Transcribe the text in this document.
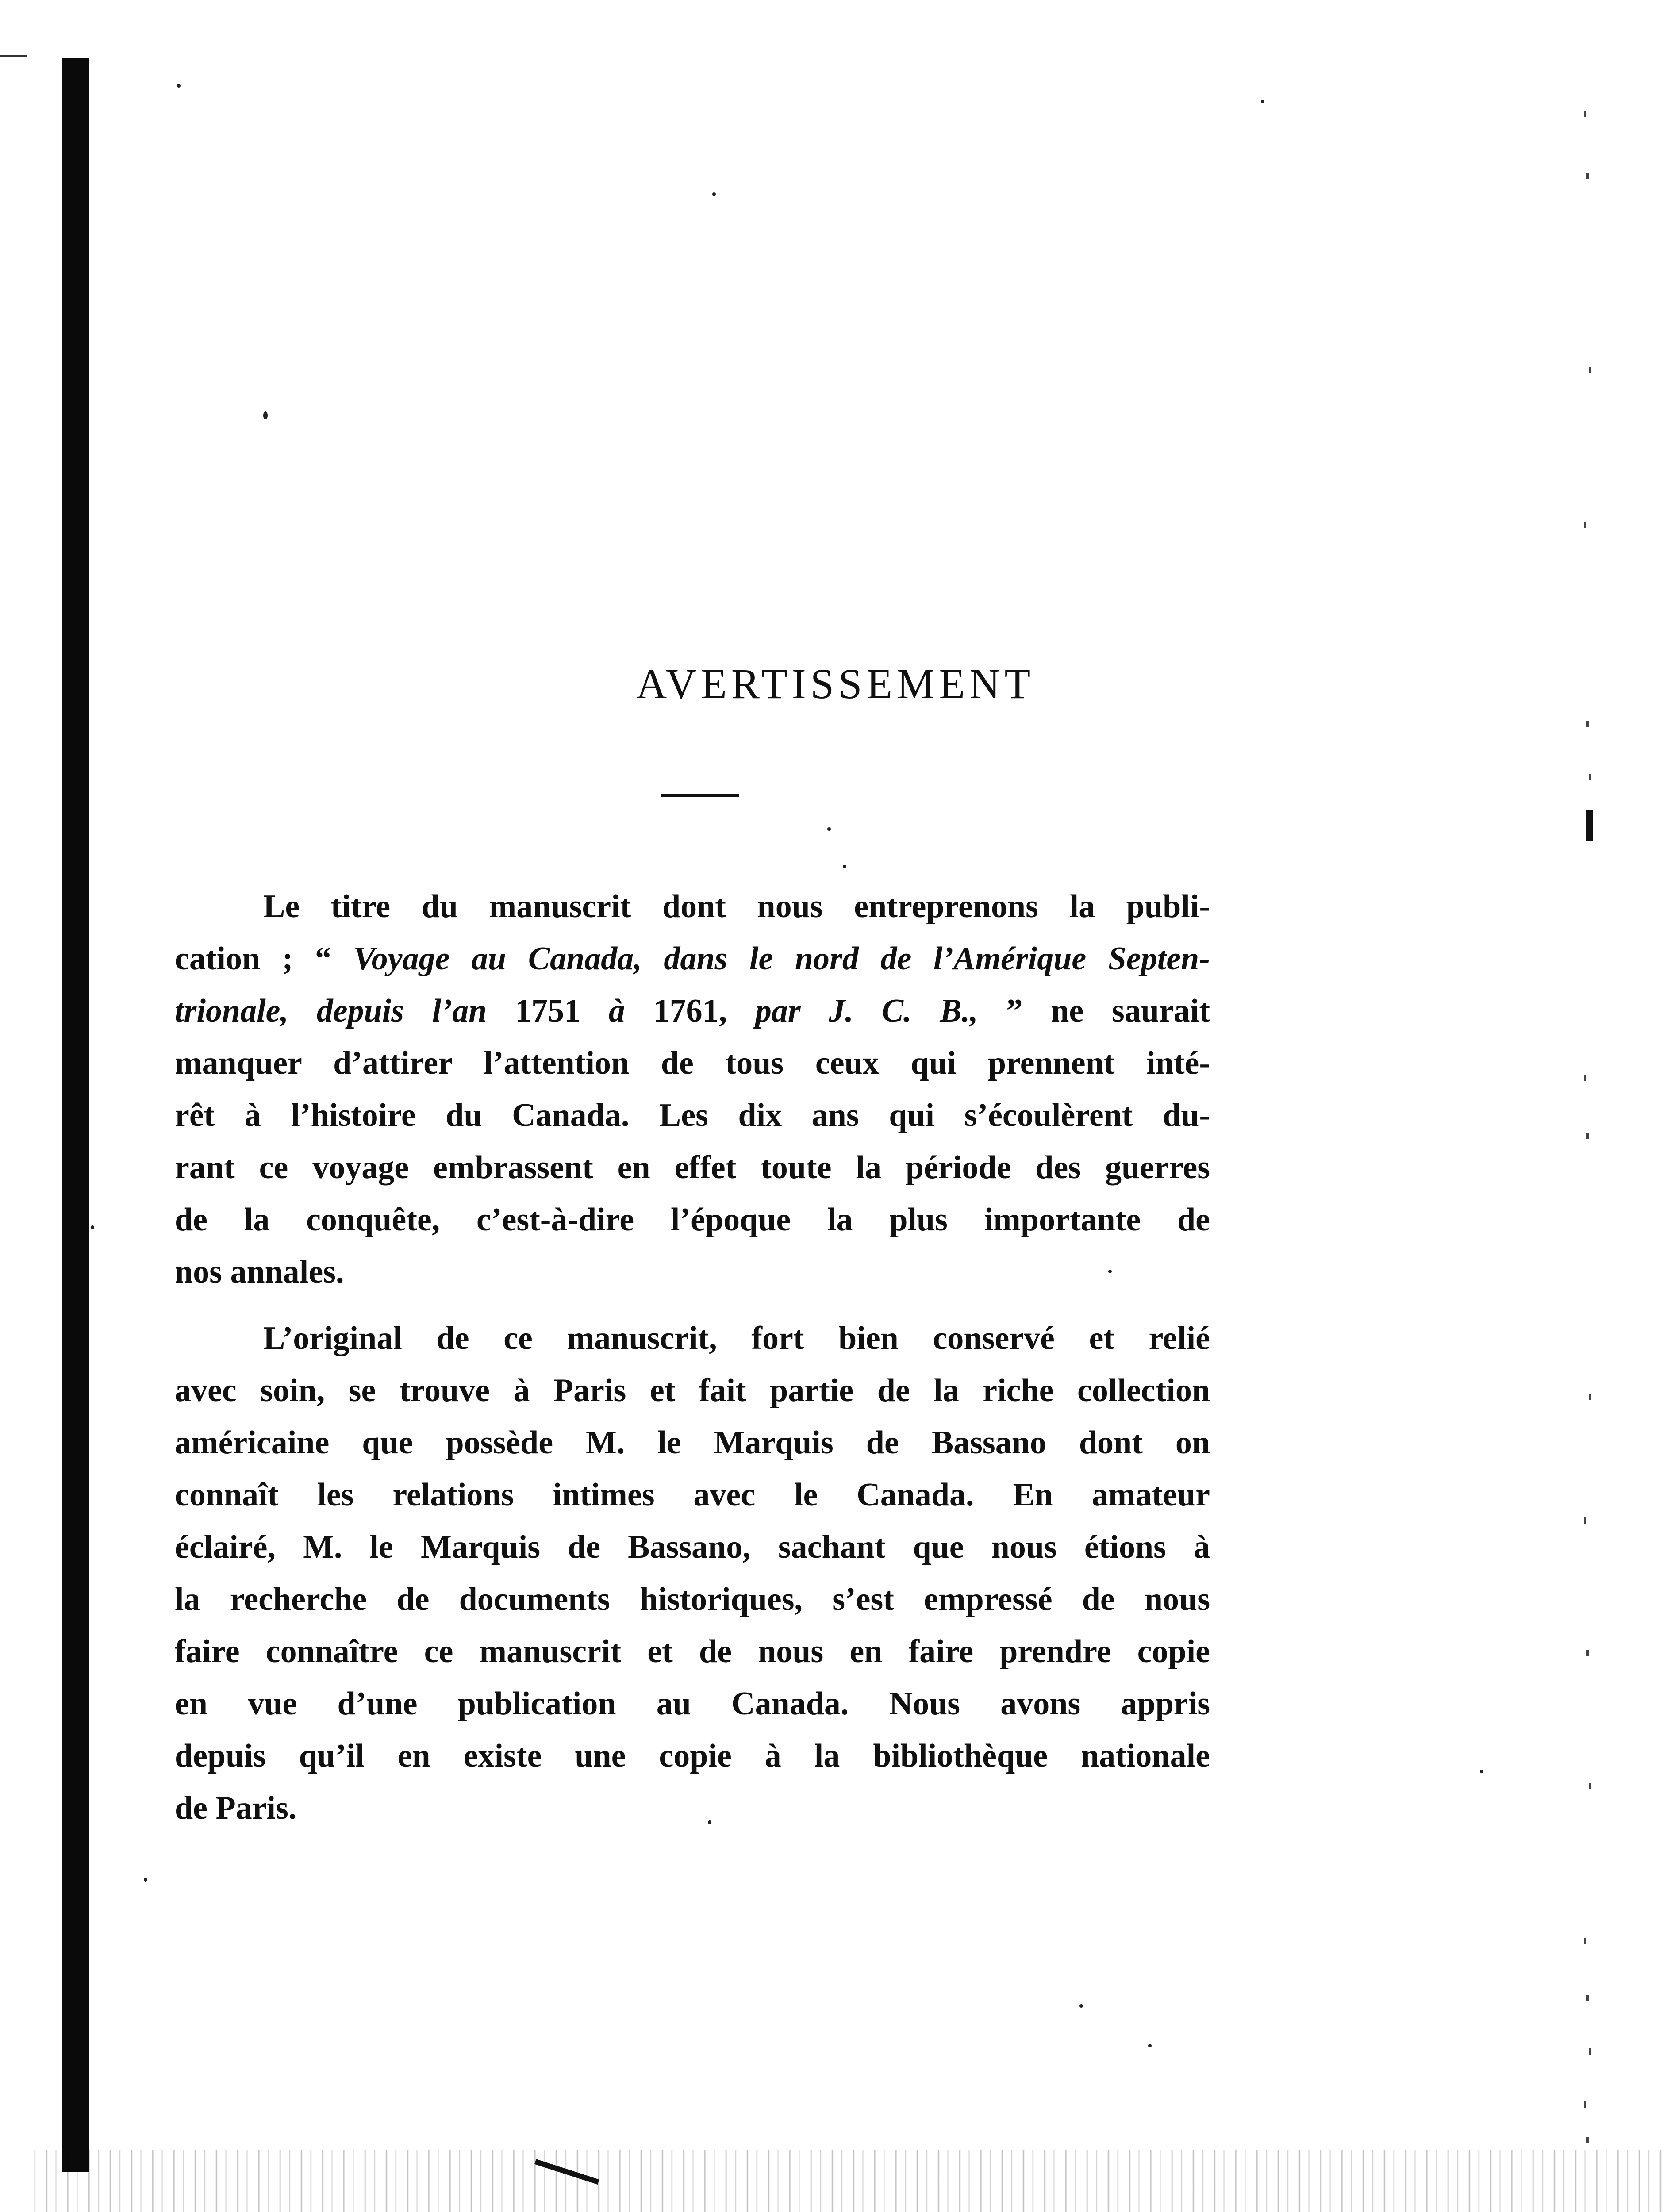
AVERTISSEMENT

Le titre du manuscrit dont nous entreprenons la publi-
cation ; “ Voyage au Canada, dans le nord de l’Amérique Septen-
trionale, depuis l’an 1751 à 1761, par J. C. B., ” ne saurait
manquer d’attirer l’attention de tous ceux qui prennent inté-
rêt à l’histoire du Canada. Les dix ans qui s’écoulèrent du-
rant ce voyage embrassent en effet toute la période des guerres
de la conquête, c’est-à-dire l’époque la plus importante de
nos annales.

L’original de ce manuscrit, fort bien conservé et relié
avec soin, se trouve à Paris et fait partie de la riche collection
américaine que possède M. le Marquis de Bassano dont on
connaît les relations intimes avec le Canada. En amateur
éclairé, M. le Marquis de Bassano, sachant que nous étions à
la recherche de documents historiques, s’est empressé de nous
faire connaître ce manuscrit et de nous en faire prendre copie
en vue d’une publication au Canada. Nous avons appris
depuis qu’il en existe une copie à la bibliothèque nationale
de Paris.
